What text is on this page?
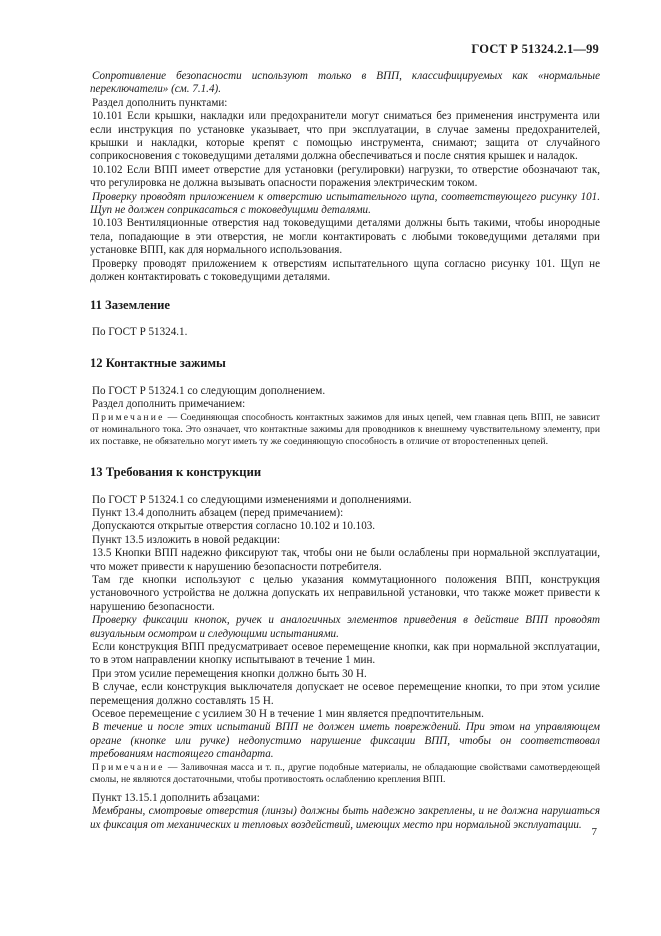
ГОСТ Р 51324.2.1—99

Сопротивление безопасности используют только в ВПП, классифицируемых как «нормальные переключатели» (см. 7.1.4).

Раздел дополнить пунктами:

10.101 Если крышки, накладки или предохранители могут сниматься без применения инструмента или если инструкция по установке указывает, что при эксплуатации, в случае замены предохранителей, крышки и накладки, которые крепят с помощью инструмента, снимают; защита от случайного соприкосновения с токоведущими деталями должна обеспечиваться и после снятия крышек и наладок.

10.102 Если ВПП имеет отверстие для установки (регулировки) нагрузки, то отверстие обозначают так, что регулировка не должна вызывать опасности поражения электрическим током.

Проверку проводят приложением к отверстию испытательного щупа, соответствующего рисунку 101. Щуп не должен соприкасаться с токоведущими деталями.

10.103 Вентиляционные отверстия над токоведущими деталями должны быть такими, чтобы инородные тела, попадающие в эти отверстия, не могли контактировать с любыми токоведущими деталями при установке ВПП, как для нормального использования.

Проверку проводят приложением к отверстиям испытательного щупа согласно рисунку 101. Щуп не должен контактировать с токоведущими деталями.

11 Заземление

По ГОСТ Р 51324.1.

12 Контактные зажимы

По ГОСТ Р 51324.1 со следующим дополнением.

Раздел дополнить примечанием:

Примечание — Соединяющая способность контактных зажимов для иных цепей, чем главная цепь ВПП, не зависит от номинального тока. Это означает, что контактные зажимы для проводников к внешнему чувствительному элементу, при их поставке, не обязательно могут иметь ту же соединяющую способность в отличие от второстепенных цепей.

13 Требования к конструкции

По ГОСТ Р 51324.1 со следующими изменениями и дополнениями.

Пункт 13.4 дополнить абзацем (перед примечанием):

Допускаются открытые отверстия согласно 10.102 и 10.103.

Пункт 13.5 изложить в новой редакции:

13.5 Кнопки ВПП надежно фиксируют так, чтобы они не были ослаблены при нормальной эксплуатации, что может привести к нарушению безопасности потребителя.

Там где кнопки используют с целью указания коммутационного положения ВПП, конструкция установочного устройства не должна допускать их неправильной установки, что также может привести к нарушению безопасности.

Проверку фиксации кнопок, ручек и аналогичных элементов приведения в действие ВПП проводят визуальным осмотром и следующими испытаниями.

Если конструкция ВПП предусматривает осевое перемещение кнопки, как при нормальной эксплуатации, то в этом направлении кнопку испытывают в течение 1 мин.

При этом усилие перемещения кнопки должно быть 30 Н.

В случае, если конструкция выключателя допускает не осевое перемещение кнопки, то при этом усилие перемещения должно составлять 15 Н.

Осевое перемещение с усилием 30 Н в течение 1 мин является предпочтительным.

В течение и после этих испытаний ВПП не должен иметь повреждений. При этом на управляющем органе (кнопке или ручке) недопустимо нарушение фиксации ВПП, чтобы он соответствовал требованиям настоящего стандарта.

Примечание — Заливочная масса и т. п., другие подобные материалы, не обладающие свойствами самотвердеющей смолы, не являются достаточными, чтобы противостоять ослаблению крепления ВПП.

Пункт 13.15.1 дополнить абзацами:

Мембраны, смотровые отверстия (линзы) должны быть надежно закреплены, и не должна нарушаться их фиксация от механических и тепловых воздействий, имеющих место при нормальной эксплуатации.

7
